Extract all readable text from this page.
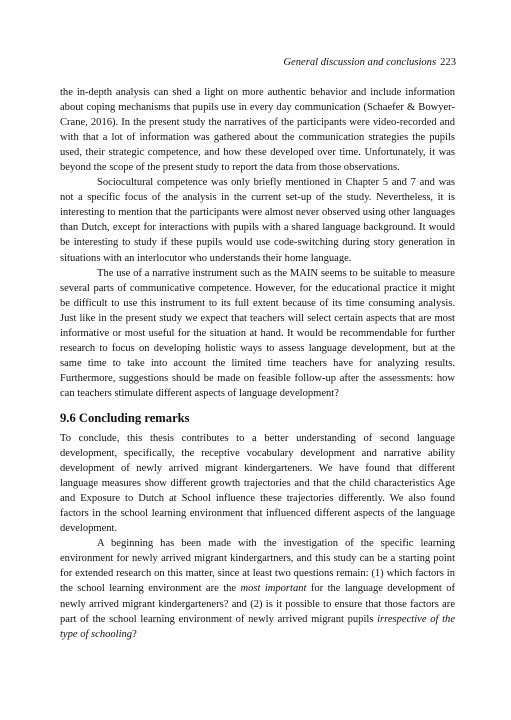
General discussion and conclusions 223

the in-depth analysis can shed a light on more authentic behavior and include information about coping mechanisms that pupils use in every day communication (Schaefer & Bowyer-Crane, 2016). In the present study the narratives of the participants were video-recorded and with that a lot of information was gathered about the communication strategies the pupils used, their strategic competence, and how these developed over time. Unfortunately, it was beyond the scope of the present study to report the data from those observations.

Sociocultural competence was only briefly mentioned in Chapter 5 and 7 and was not a specific focus of the analysis in the current set-up of the study. Nevertheless, it is interesting to mention that the participants were almost never observed using other languages than Dutch, except for interactions with pupils with a shared language background. It would be interesting to study if these pupils would use code-switching during story generation in situations with an interlocutor who understands their home language.

The use of a narrative instrument such as the MAIN seems to be suitable to measure several parts of communicative competence. However, for the educational practice it might be difficult to use this instrument to its full extent because of its time consuming analysis. Just like in the present study we expect that teachers will select certain aspects that are most informative or most useful for the situation at hand. It would be recommendable for further research to focus on developing holistic ways to assess language development, but at the same time to take into account the limited time teachers have for analyzing results. Furthermore, suggestions should be made on feasible follow-up after the assessments: how can teachers stimulate different aspects of language development?

9.6 Concluding remarks

To conclude, this thesis contributes to a better understanding of second language development, specifically, the receptive vocabulary development and narrative ability development of newly arrived migrant kindergarteners. We have found that different language measures show different growth trajectories and that the child characteristics Age and Exposure to Dutch at School influence these trajectories differently. We also found factors in the school learning environment that influenced different aspects of the language development.

A beginning has been made with the investigation of the specific learning environment for newly arrived migrant kindergartners, and this study can be a starting point for extended research on this matter, since at least two questions remain: (1) which factors in the school learning environment are the most important for the language development of newly arrived migrant kindergarteners? and (2) is it possible to ensure that those factors are part of the school learning environment of newly arrived migrant pupils irrespective of the type of schooling?
